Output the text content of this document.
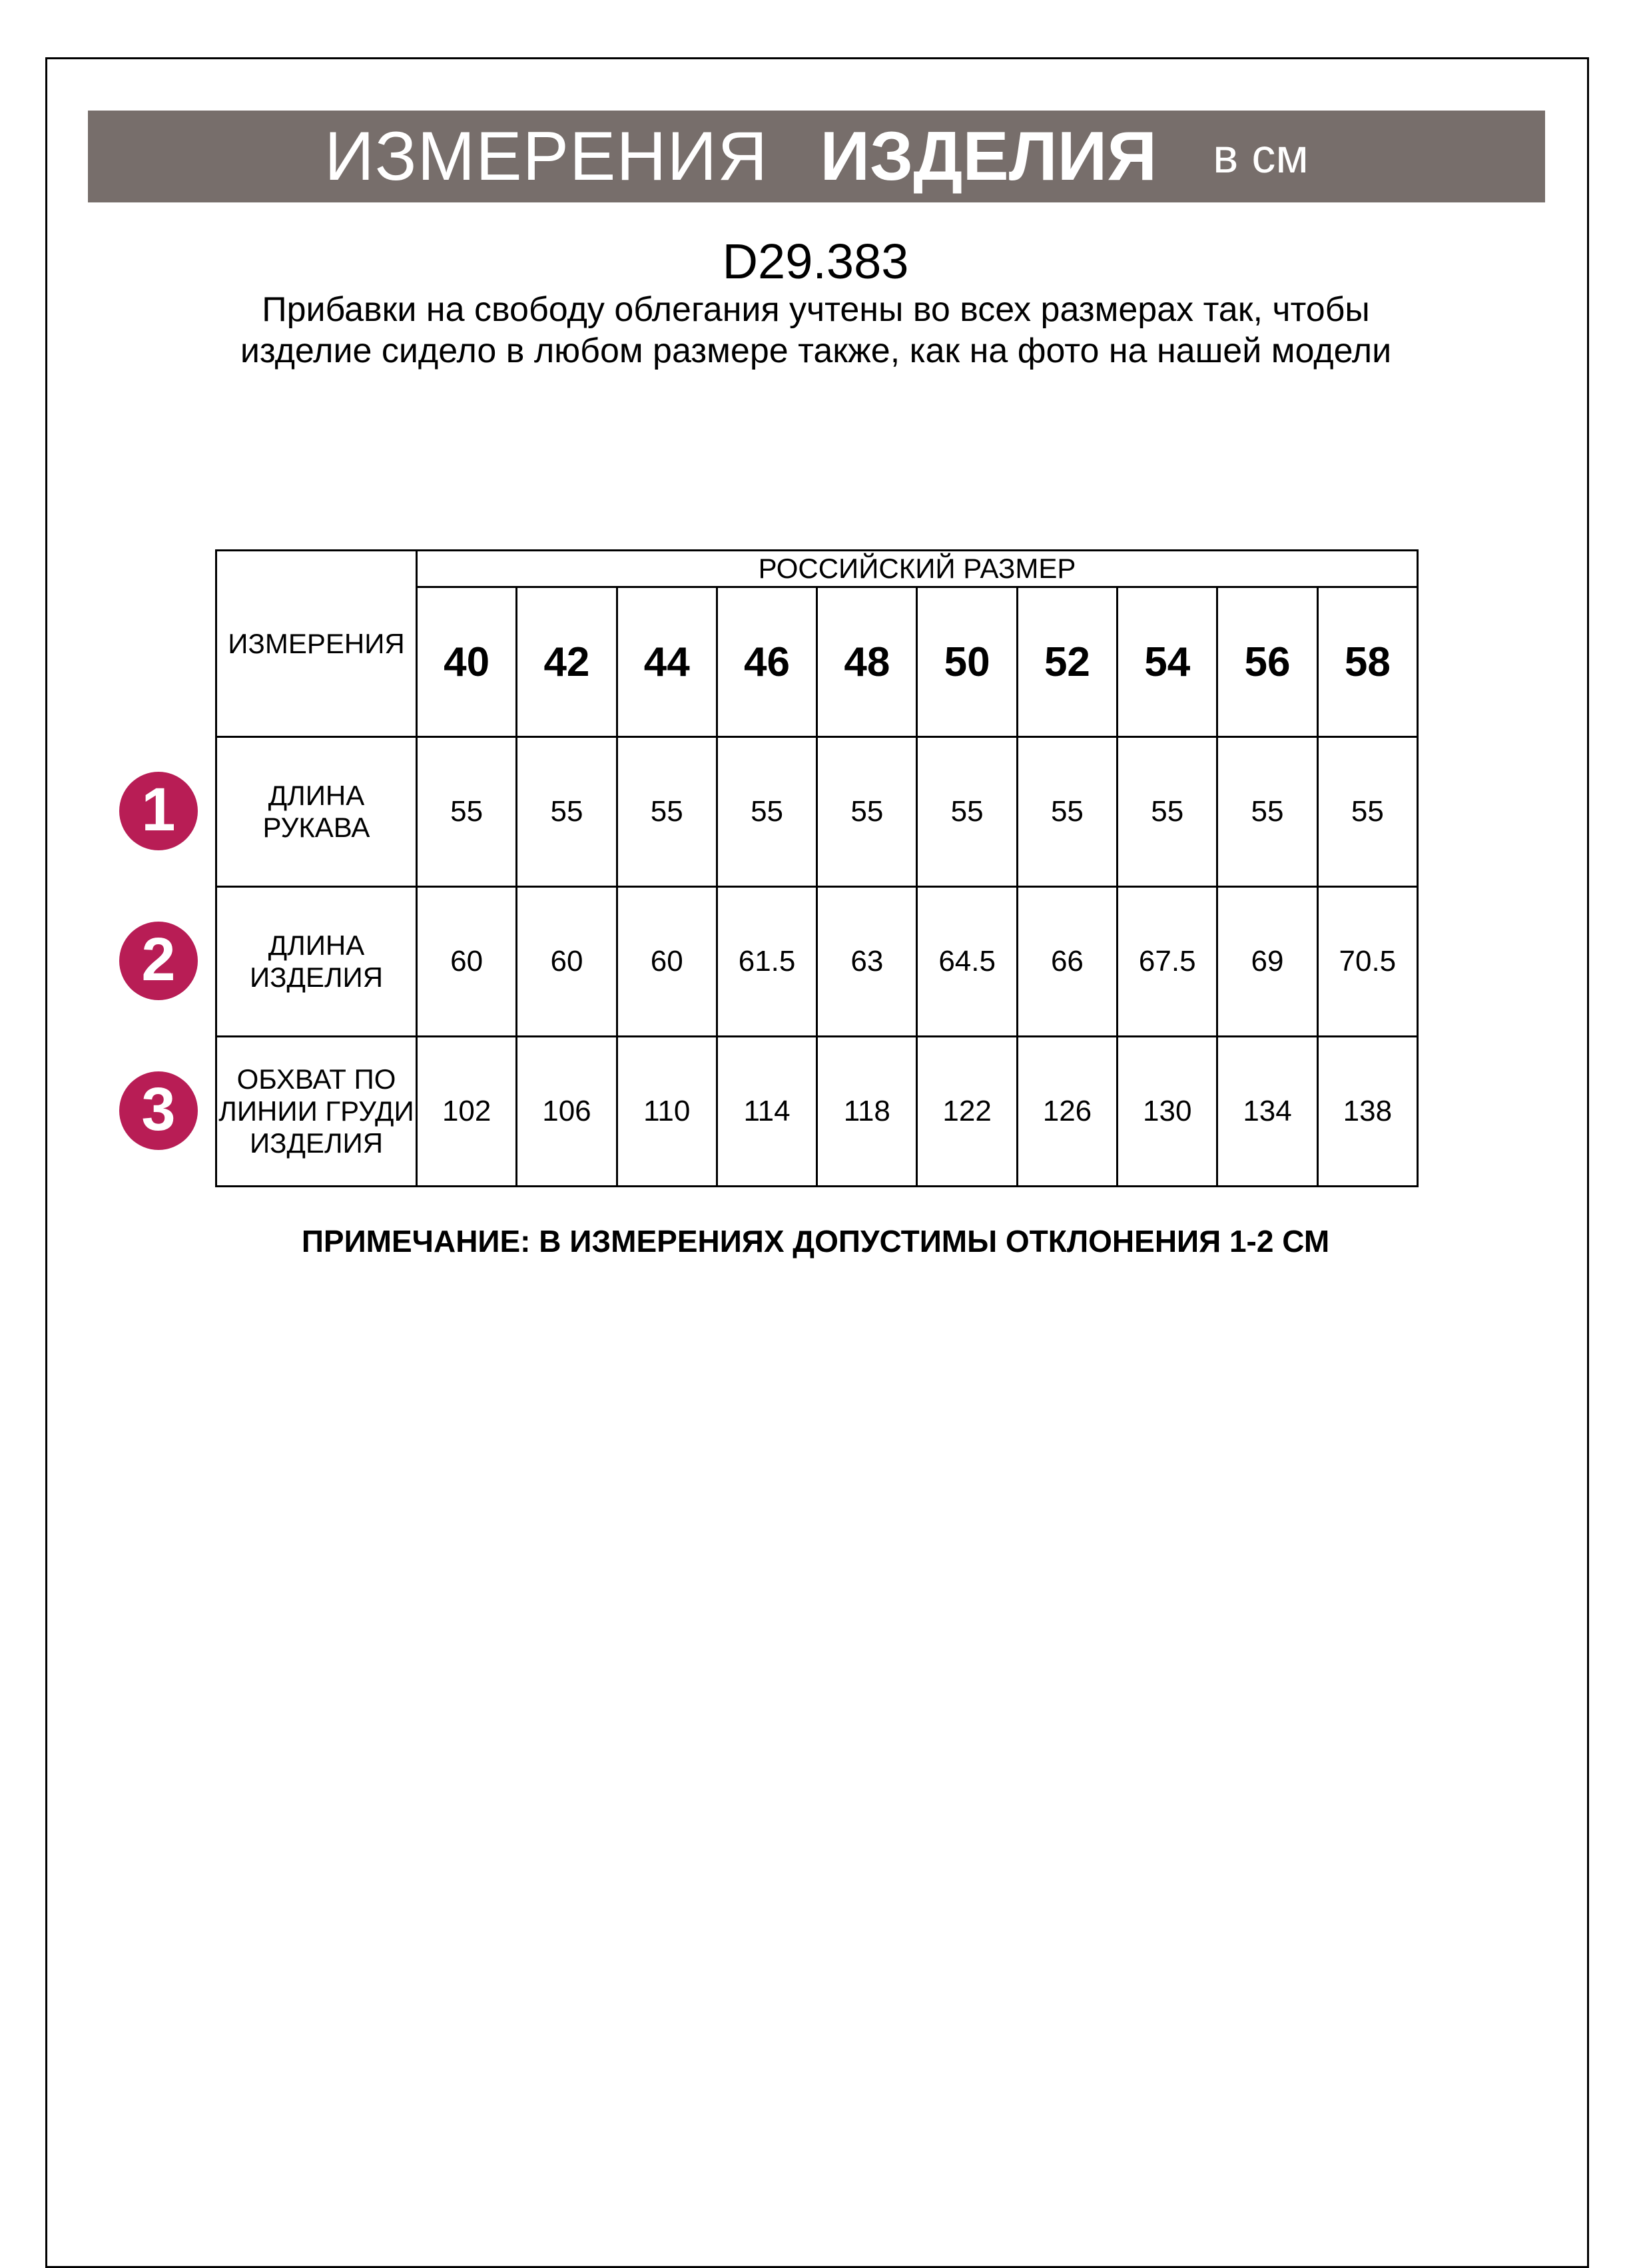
ИЗМЕРЕНИЯ ИЗДЕЛИЯ в см
D29.383
Прибавки на свободу облегания учтены во всех размерах так, чтобы изделие сидело в любом размере также, как на фото на нашей модели
ИЗМЕРЕНИЯ	РОССИЙСКИЙ РАЗМЕР									
	40	42	44	46	48	50	52	54	56	58
ДЛИНА РУКАВА	55	55	55	55	55	55	55	55	55	55
ДЛИНА ИЗДЕЛИЯ	60	60	60	61.5	63	64.5	66	67.5	69	70.5
ОБХВАТ ПО ЛИНИИ ГРУДИ ИЗДЕЛИЯ	102	106	110	114	118	122	126	130	134	138
1
2
3
ПРИМЕЧАНИЕ: В ИЗМЕРЕНИЯХ ДОПУСТИМЫ ОТКЛОНЕНИЯ 1-2 СМ
